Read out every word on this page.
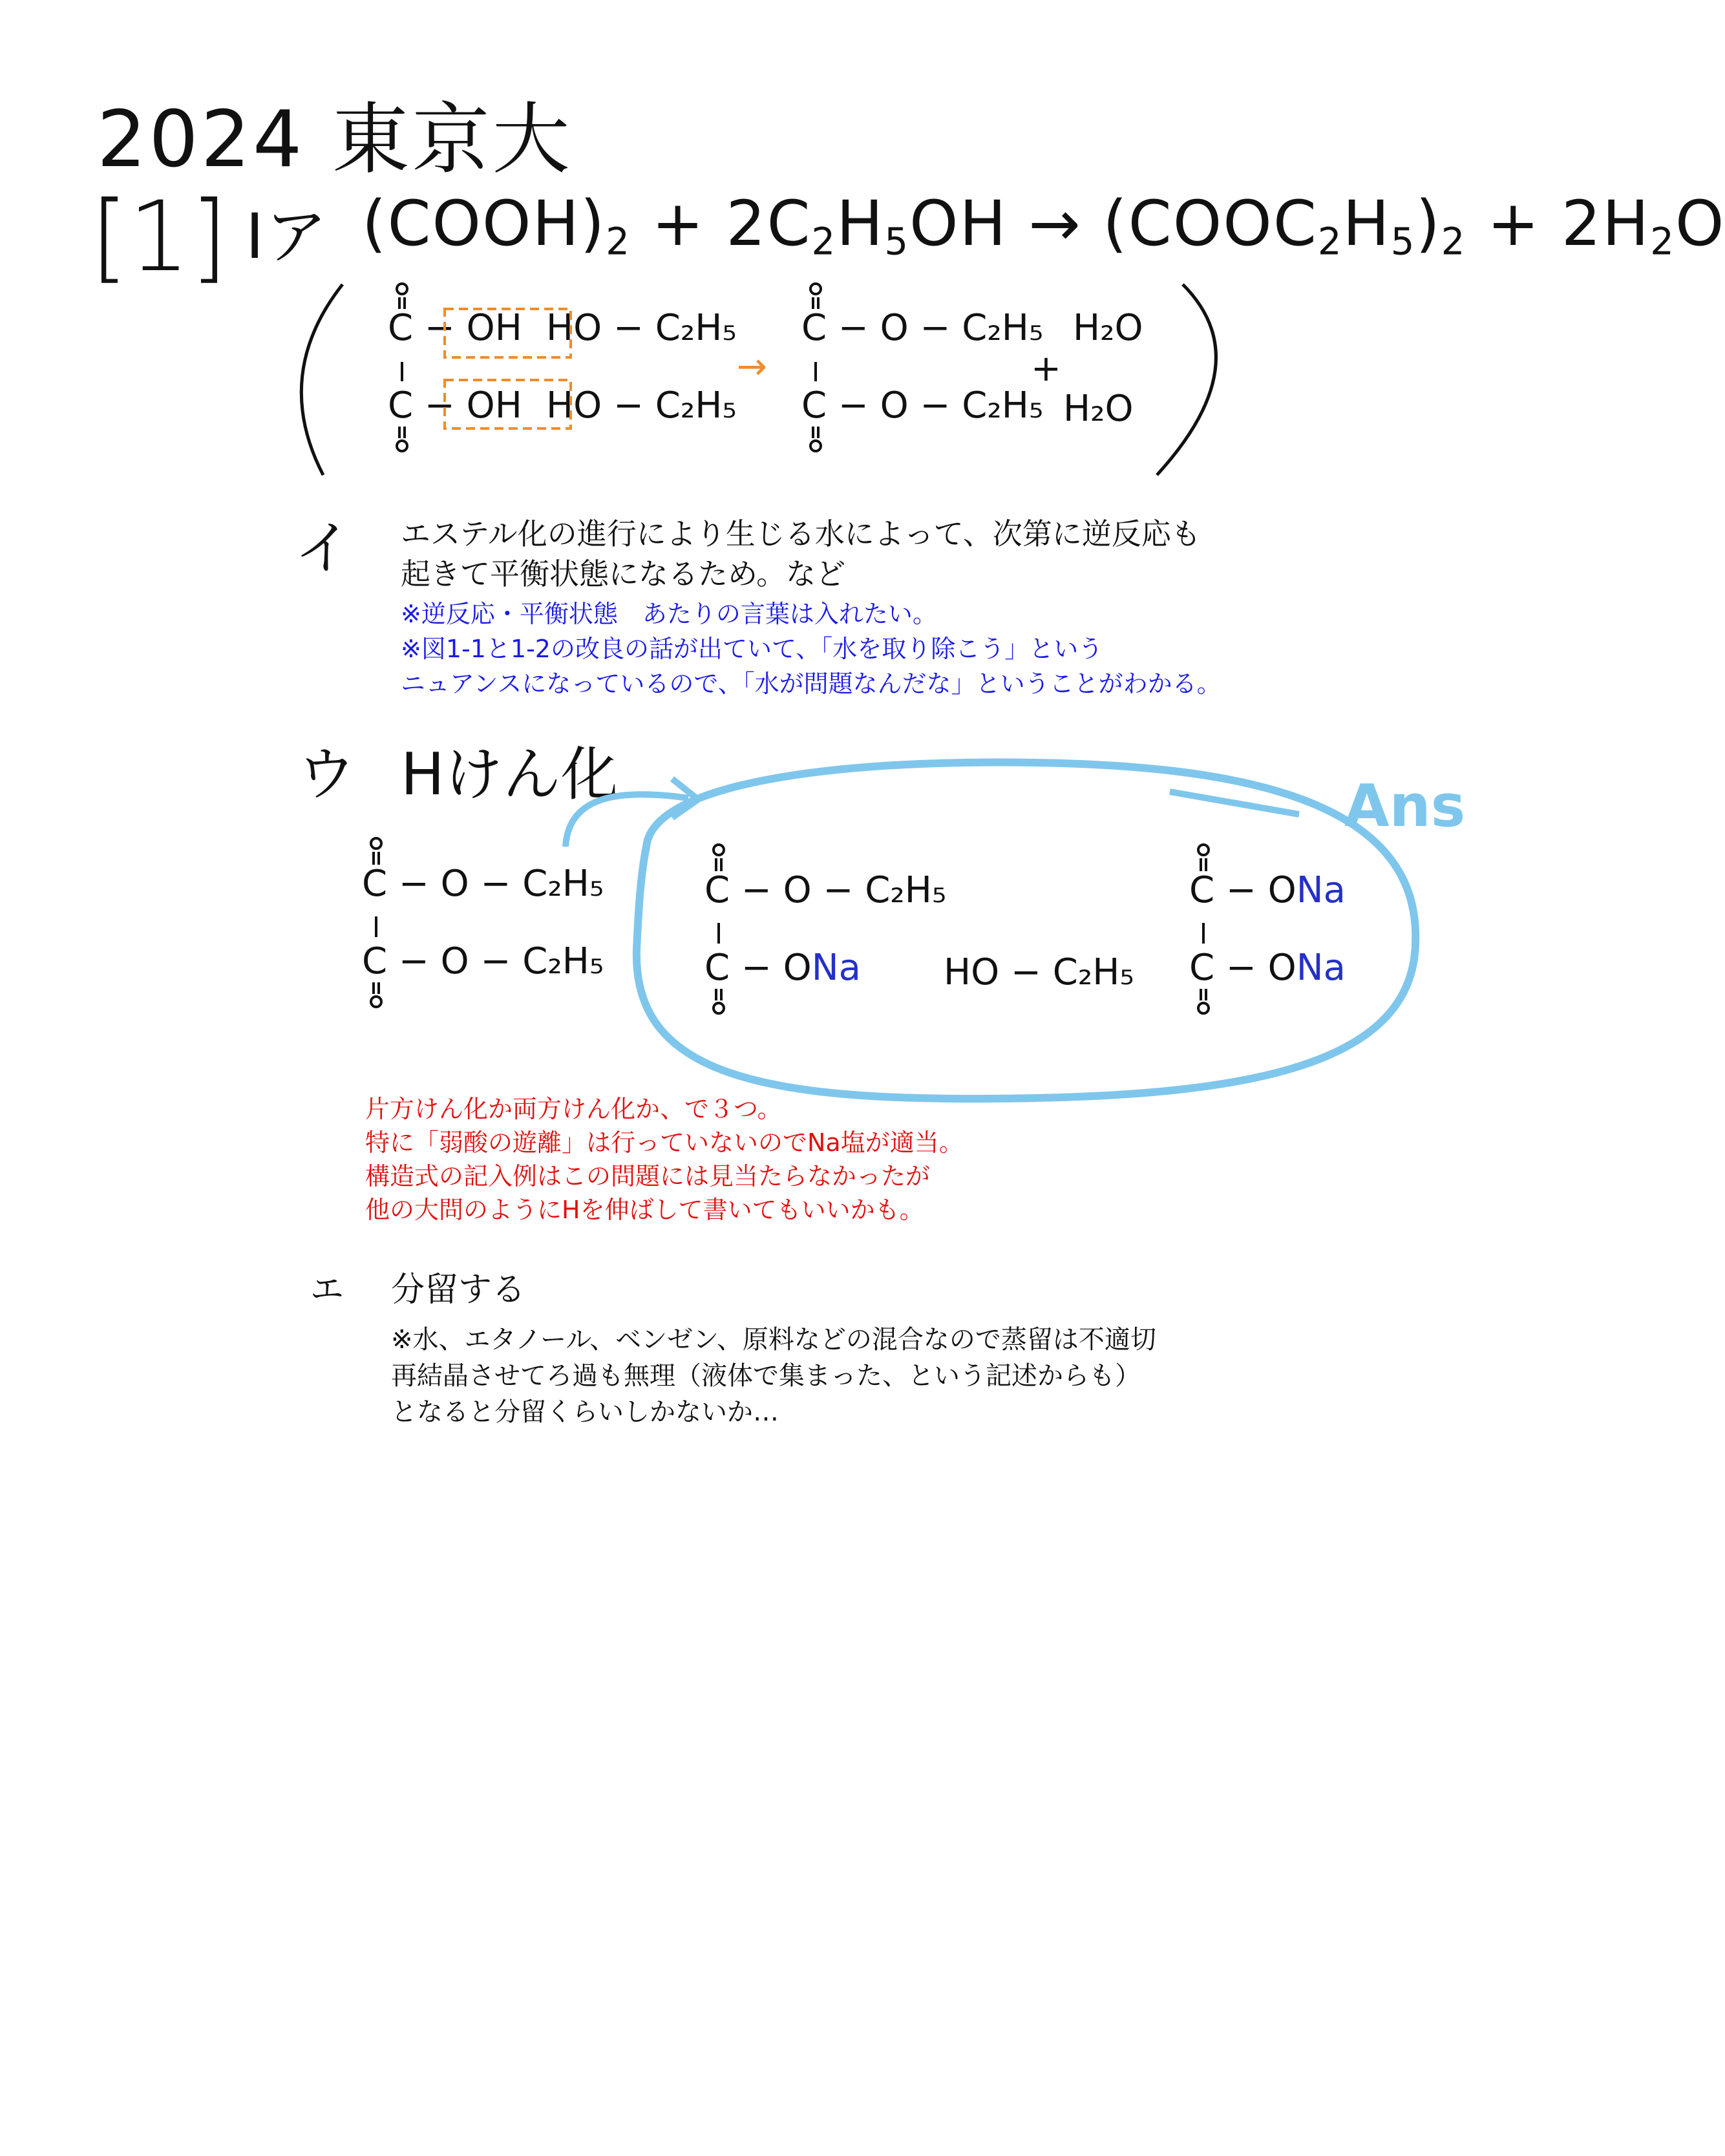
2024 東京大
[1] Iア $(COOH)_2 + 2C_2H_5OH$ → $(COOC_2H_5)_2 + 2H_2O$
C − OH
C − OH
HO − C₂H₅
HO − C₂H₅
→
C − O − C₂H₅
C − O − C₂H₅
H₂O
+
H₂O
イ エステル化の進行により生じる水によって、次第に逆反応も
起きて平衡状態になるため。など
※逆反応・平衡状態　あたりの言葉は入れたい。
※図1-1と1-2の改良の話が出ていて、「水を取り除こう」という
ニュアンスになっているので、「水が問題なんだな」ということがわかる。
ウ Hけん化	Ans
C − O − C₂H₅
C − O − C₂H₅
C − O − C₂H₅
C − ONa HO − C₂H₅
C − ONa
C − ONa
片方けん化か両方けん化か、で３つ。
特に「弱酸の遊離」は行っていないのでNa塩が適当。
構造式の記入例はこの問題には見当たらなかったが
他の大問のようにHを伸ばして書いてもいいかも。
エ 分留する
※水、エタノール、ベンゼン、原料などの混合なので蒸留は不適切
再結晶させてろ過も無理（液体で集まった、という記述からも）
となると分留くらいしかないか…
